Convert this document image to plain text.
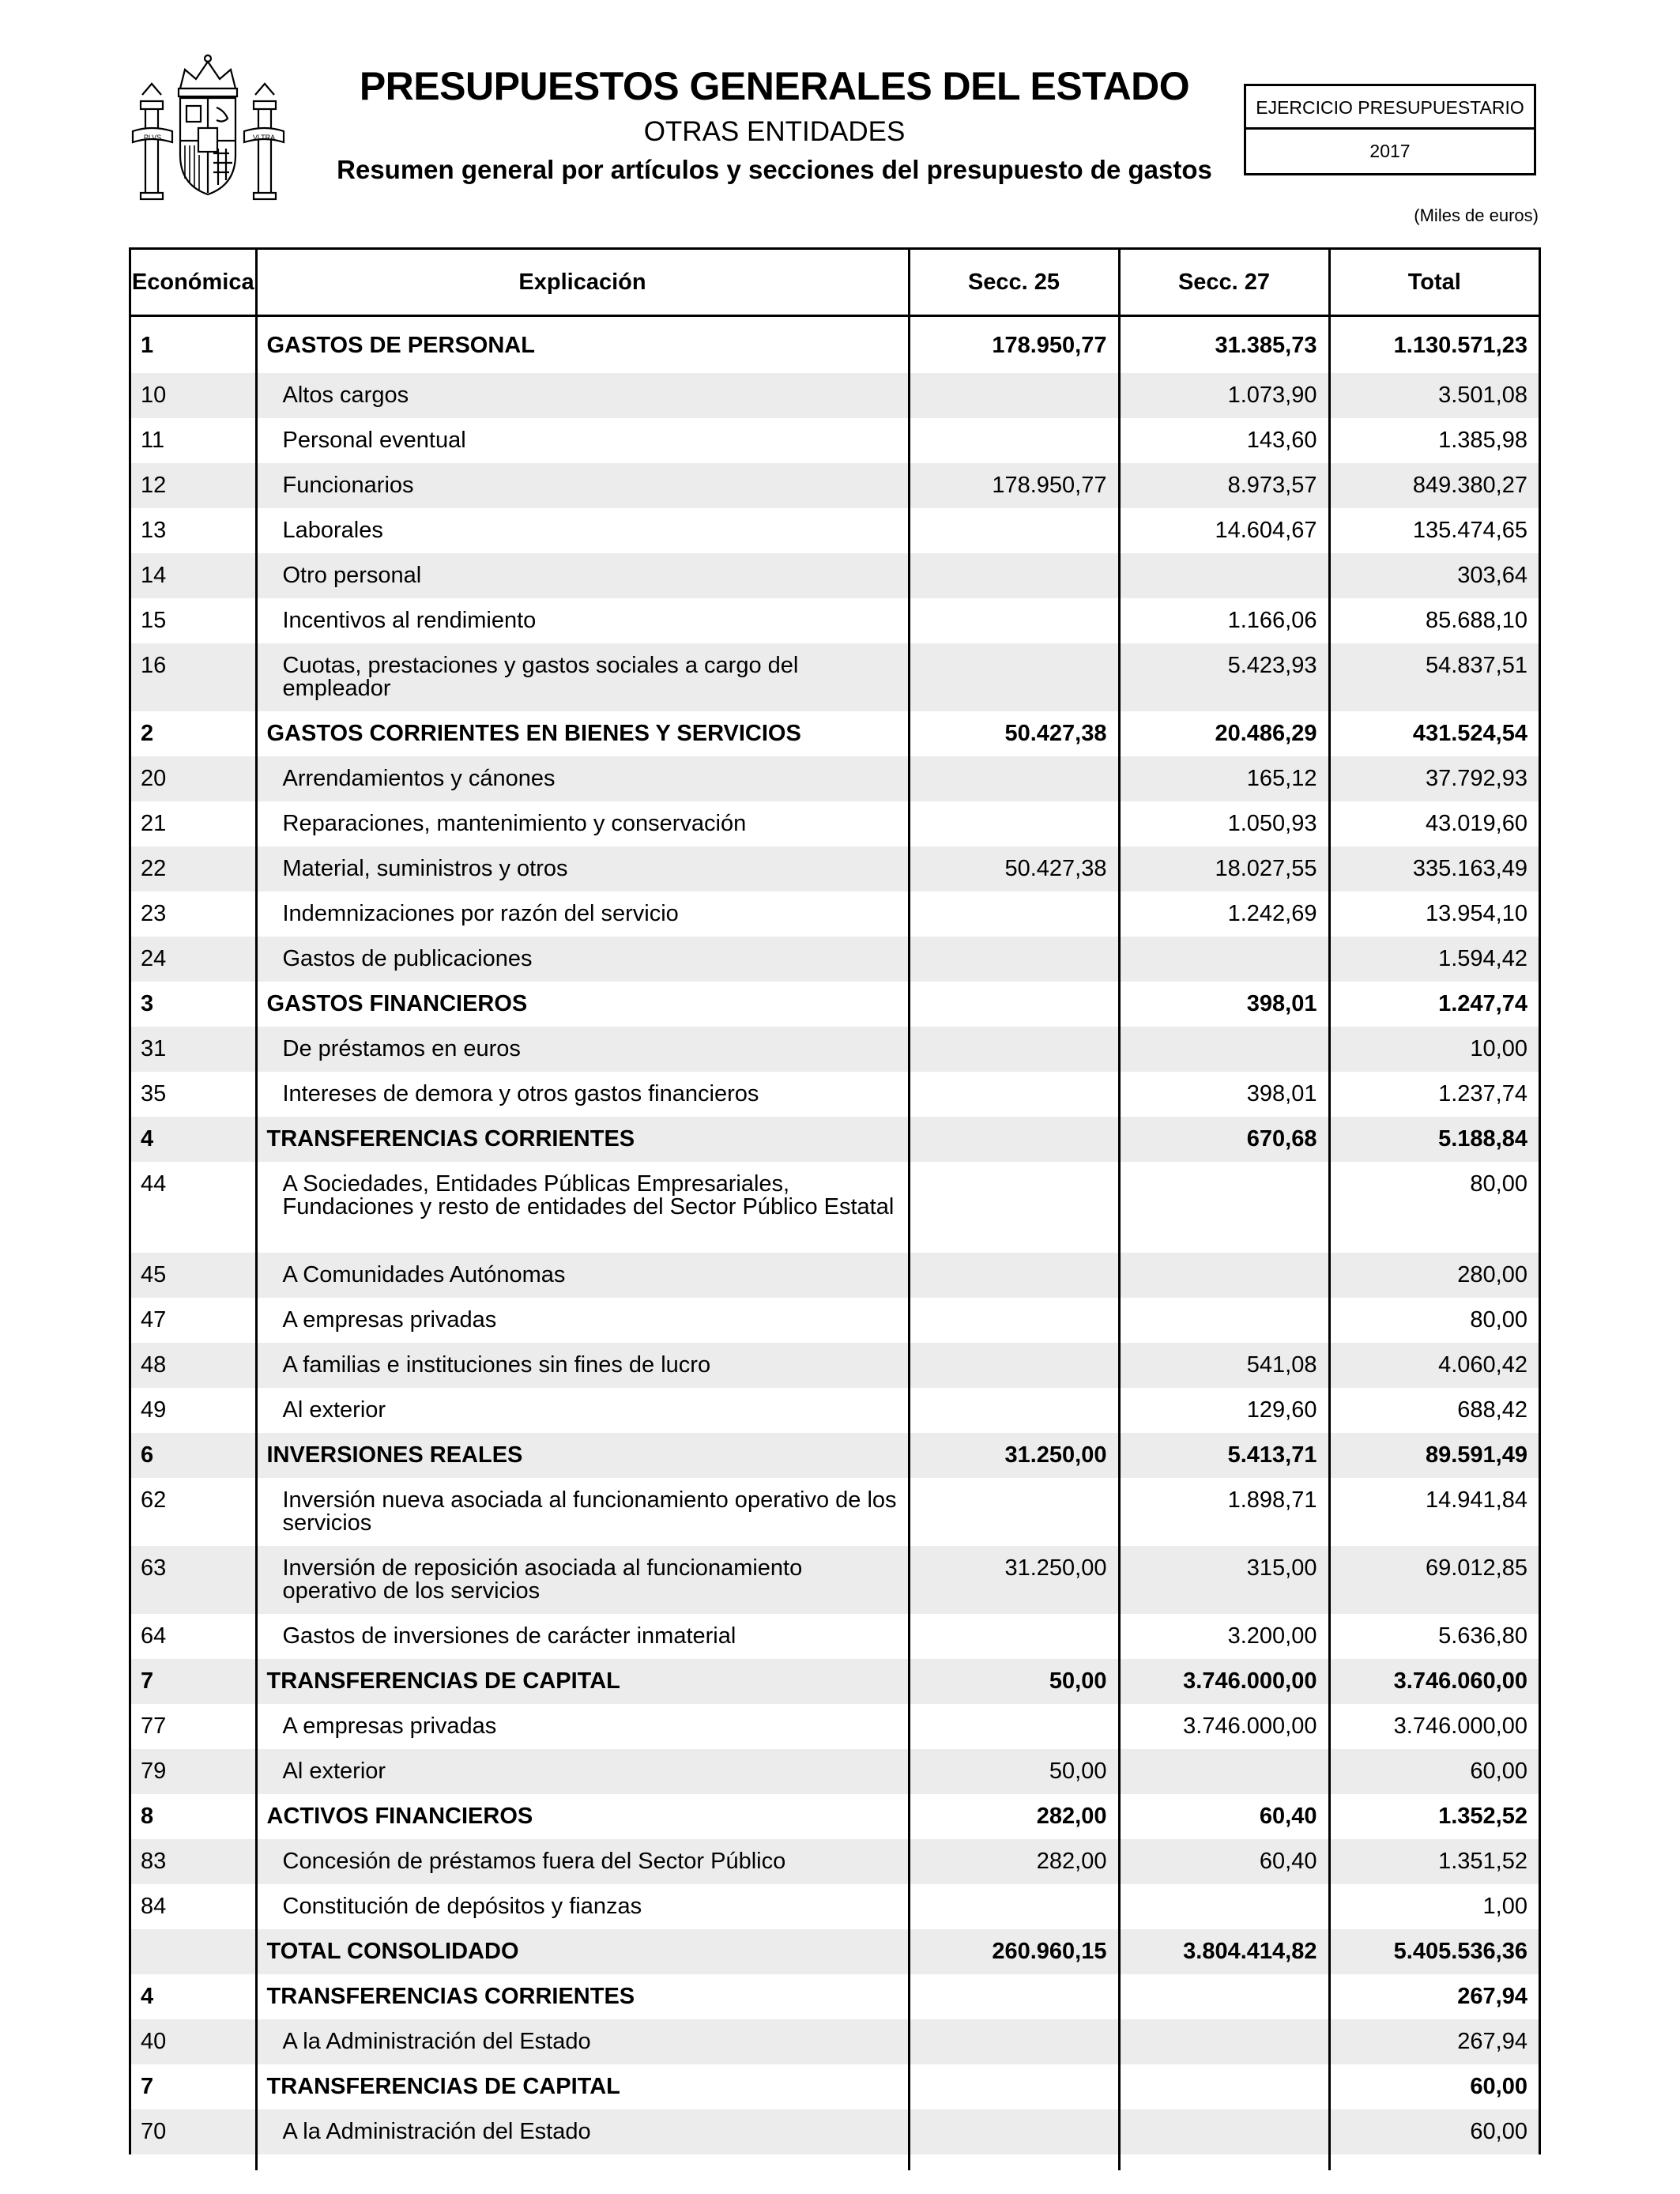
PLVS	VLTRA
PRESUPUESTOS GENERALES DEL ESTADO
OTRAS ENTIDADES
Resumen general por artículos y secciones del presupuesto de gastos
EJERCICIO PRESUPUESTARIO
2017
(Miles de euros)
Económica	Explicación	Secc. 25	Secc. 27	Total
1	GASTOS DE PERSONAL	178.950,77	31.385,73	1.130.571,23
10	Altos cargos		1.073,90	3.501,08
11	Personal eventual		143,60	1.385,98
12	Funcionarios	178.950,77	8.973,57	849.380,27
13	Laborales		14.604,67	135.474,65
14	Otro personal			303,64
15	Incentivos al rendimiento		1.166,06	85.688,10
16	Cuotas, prestaciones y gastos sociales a cargo del empleador		5.423,93	54.837,51
2	GASTOS CORRIENTES EN BIENES Y SERVICIOS	50.427,38	20.486,29	431.524,54
20	Arrendamientos y cánones		165,12	37.792,93
21	Reparaciones, mantenimiento y conservación		1.050,93	43.019,60
22	Material, suministros y otros	50.427,38	18.027,55	335.163,49
23	Indemnizaciones por razón del servicio		1.242,69	13.954,10
24	Gastos de publicaciones			1.594,42
3	GASTOS FINANCIEROS		398,01	1.247,74
31	De préstamos en euros			10,00
35	Intereses de demora y otros gastos financieros		398,01	1.237,74
4	TRANSFERENCIAS CORRIENTES		670,68	5.188,84
44	A Sociedades, Entidades Públicas Empresariales, Fundaciones y resto de entidades del Sector Público Estatal			80,00
45	A Comunidades Autónomas			280,00
47	A empresas privadas			80,00
48	A familias e instituciones sin fines de lucro		541,08	4.060,42
49	Al exterior		129,60	688,42
6	INVERSIONES REALES	31.250,00	5.413,71	89.591,49
62	Inversión nueva asociada al funcionamiento operativo de los servicios		1.898,71	14.941,84
63	Inversión de reposición asociada al funcionamiento operativo de los servicios	31.250,00	315,00	69.012,85
64	Gastos de inversiones de carácter inmaterial		3.200,00	5.636,80
7	TRANSFERENCIAS DE CAPITAL	50,00	3.746.000,00	3.746.060,00
77	A empresas privadas		3.746.000,00	3.746.000,00
79	Al exterior	50,00		60,00
8	ACTIVOS FINANCIEROS	282,00	60,40	1.352,52
83	Concesión de préstamos fuera del Sector Público	282,00	60,40	1.351,52
84	Constitución de depósitos y fianzas			1,00
	TOTAL CONSOLIDADO	260.960,15	3.804.414,82	5.405.536,36
4	TRANSFERENCIAS CORRIENTES			267,94
40	A la Administración del Estado			267,94
7	TRANSFERENCIAS DE CAPITAL			60,00
70	A la Administración del Estado			60,00
